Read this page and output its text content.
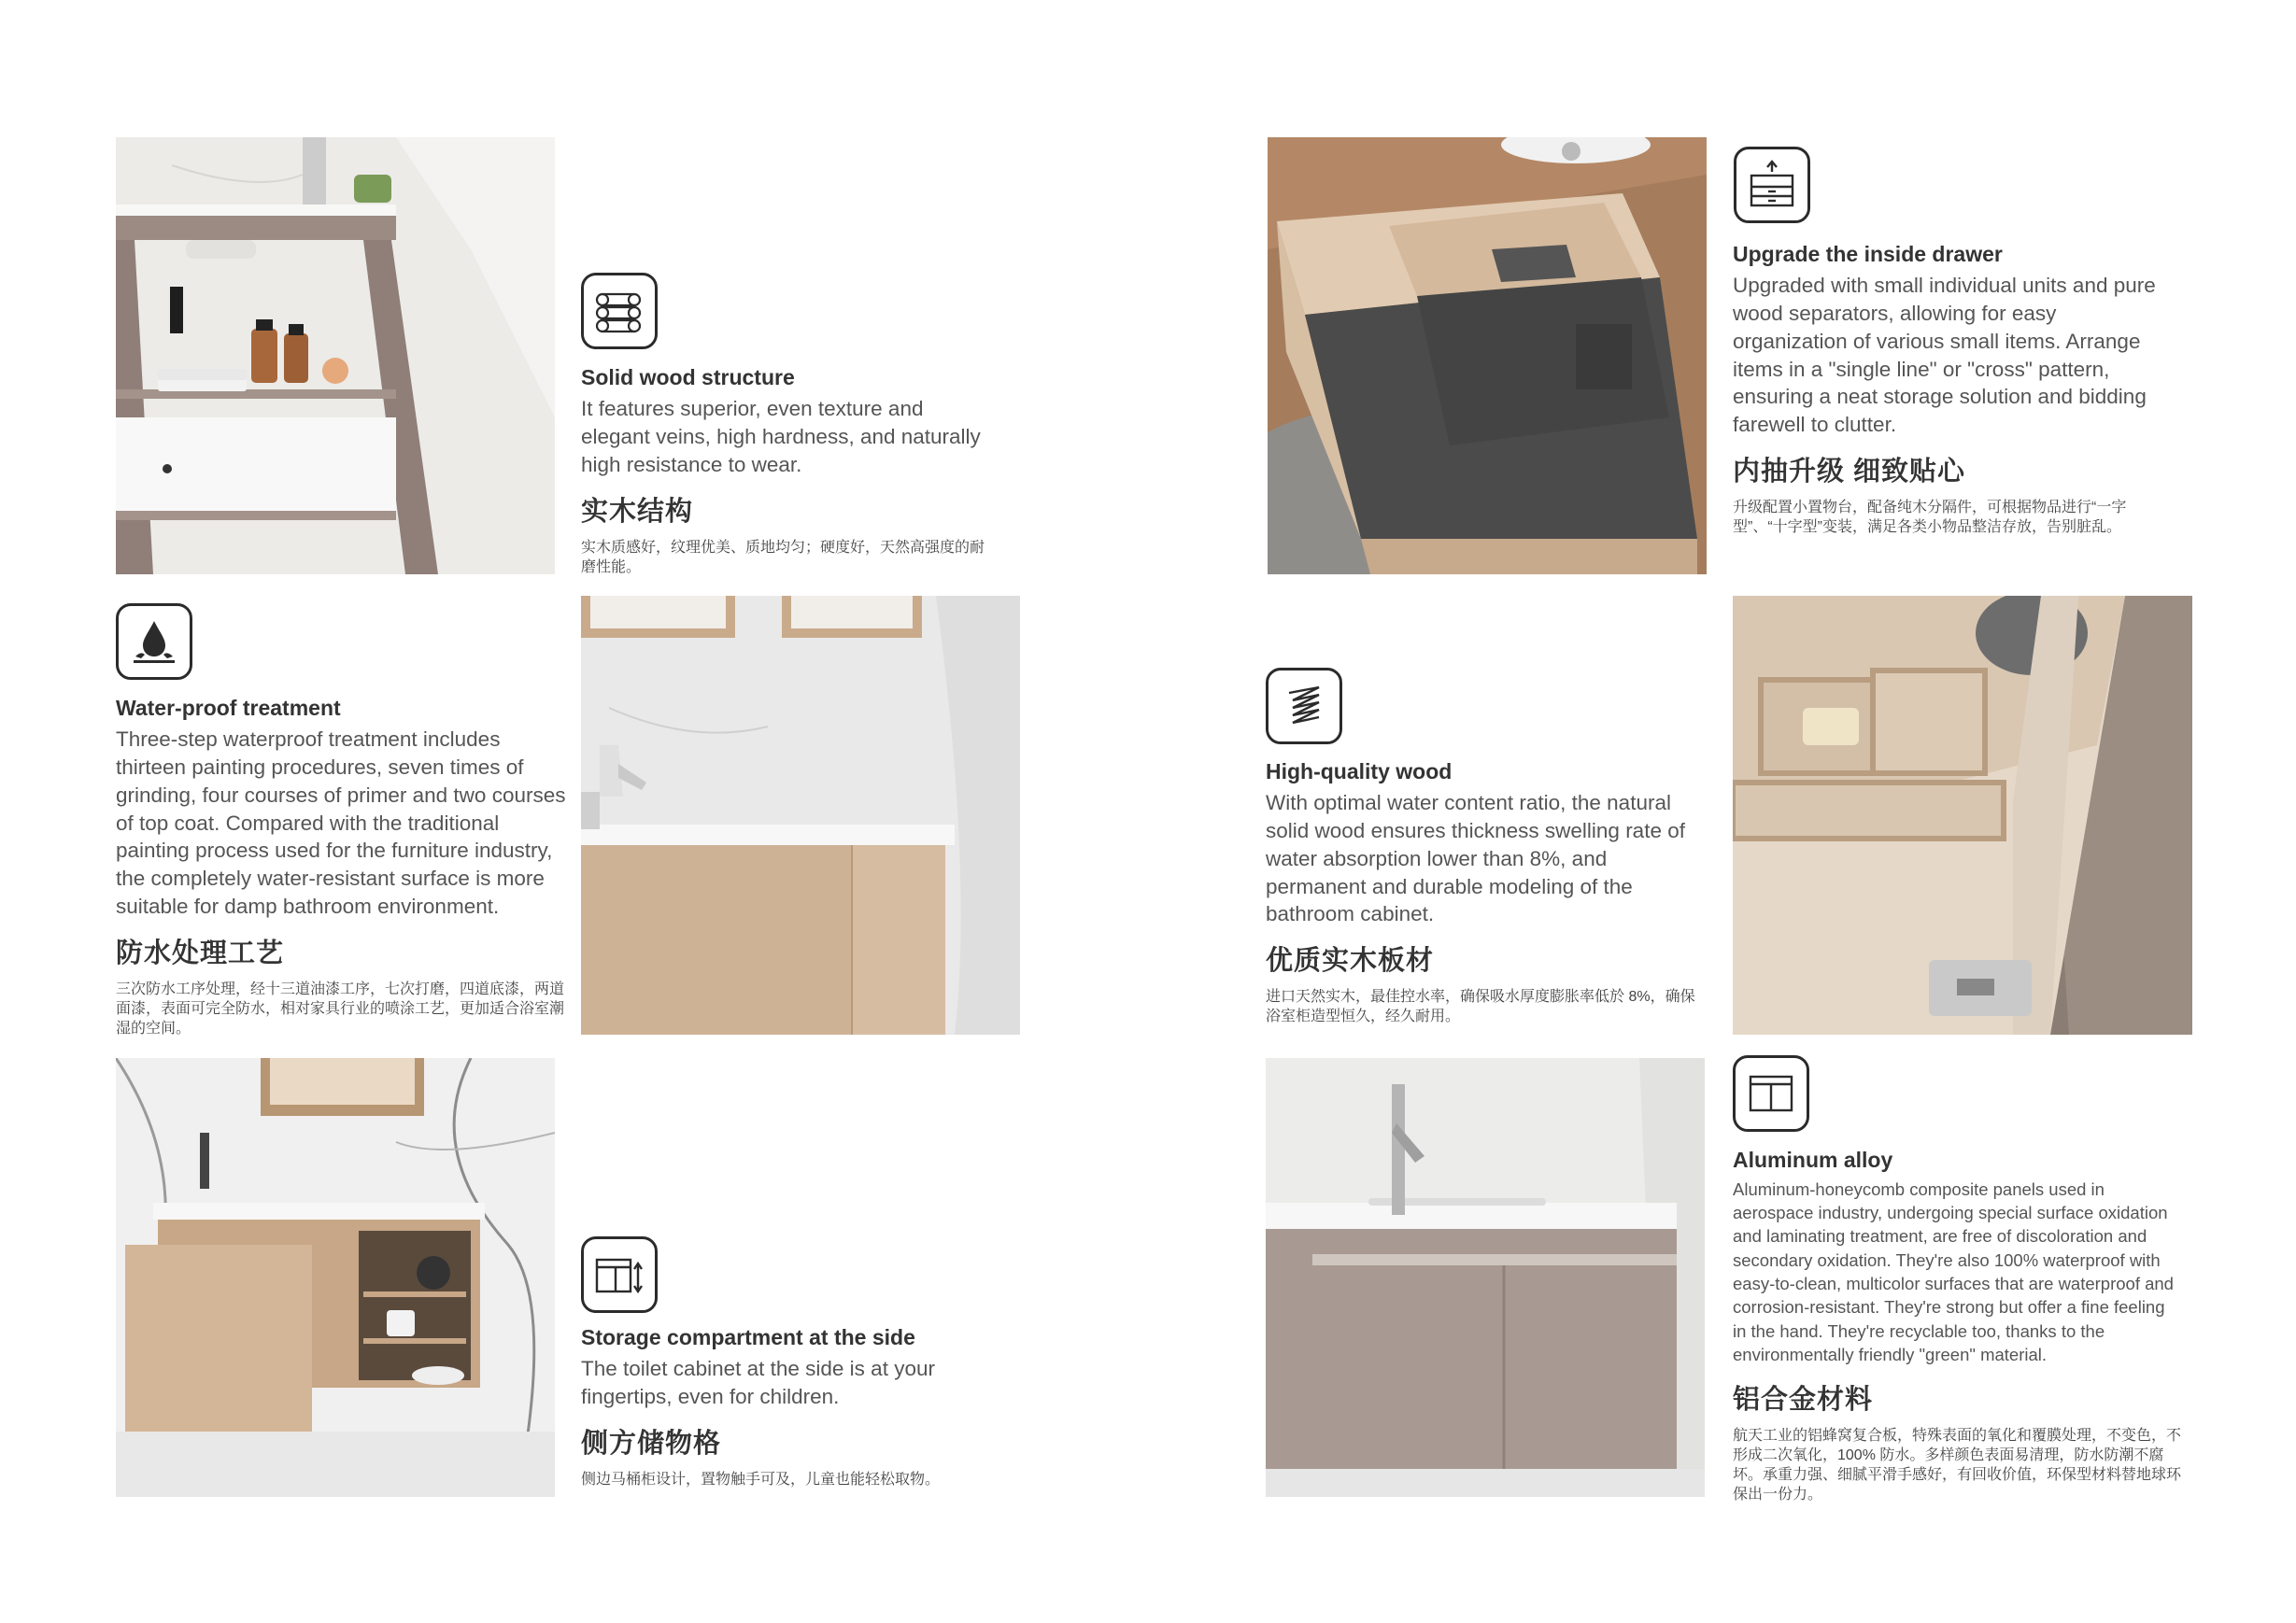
Solid wood structure

It features superior, even texture and elegant veins, high hardness, and naturally high resistance to wear.

实木结构

实木质感好，纹理优美、质地均匀；硬度好，天然高强度的耐磨性能。

Water-proof treatment

Three-step waterproof treatment includes thirteen painting procedures, seven times of grinding, four courses of primer and two courses of top coat. Compared with the traditional painting process used for the furniture industry, the completely water-resistant surface is more suitable for damp bathroom environment.

防水处理工艺

三次防水工序处理，经十三道油漆工序，七次打磨，四道底漆，两道面漆，表面可完全防水，相对家具行业的喷涂工艺，更加适合浴室潮湿的空间。

Storage compartment at the side

The toilet cabinet at the side is at your fingertips, even for children.

侧方储物格

侧边马桶柜设计，置物触手可及，儿童也能轻松取物。

Upgrade the inside drawer

Upgraded with small individual units and pure wood separators, allowing for easy organization of various small items. Arrange items in a "single line" or "cross" pattern, ensuring a neat storage solution and bidding farewell to clutter.

内抽升级 细致贴心

升级配置小置物台，配备纯木分隔件，可根据物品进行“一字型”、“十字型”变装，满足各类小物品整洁存放，告别脏乱。

High-quality wood

With optimal water content ratio, the natural solid wood ensures thickness swelling rate of water absorption lower than 8%, and permanent and durable modeling of the bathroom cabinet.

优质实木板材

进口天然实木，最佳控水率，确保吸水厚度膨胀率低於 8%，确保浴室柜造型恒久，经久耐用。

Aluminum alloy

Aluminum-honeycomb composite panels used in aerospace industry, undergoing special surface oxidation and laminating treatment, are free of discoloration and secondary oxidation. They're also 100% waterproof with easy-to-clean, multicolor surfaces that are waterproof and corrosion-resistant. They're strong but offer a fine feeling in the hand. They're recyclable too, thanks to the environmentally friendly "green" material.

铝合金材料

航天工业的铝蜂窝复合板，特殊表面的氧化和覆膜处理，不变色，不形成二次氧化，100% 防水。多样颜色表面易清理，防水防潮不腐坏。承重力强、细腻平滑手感好，有回收价值，环保型材料替地球环保出一份力。
